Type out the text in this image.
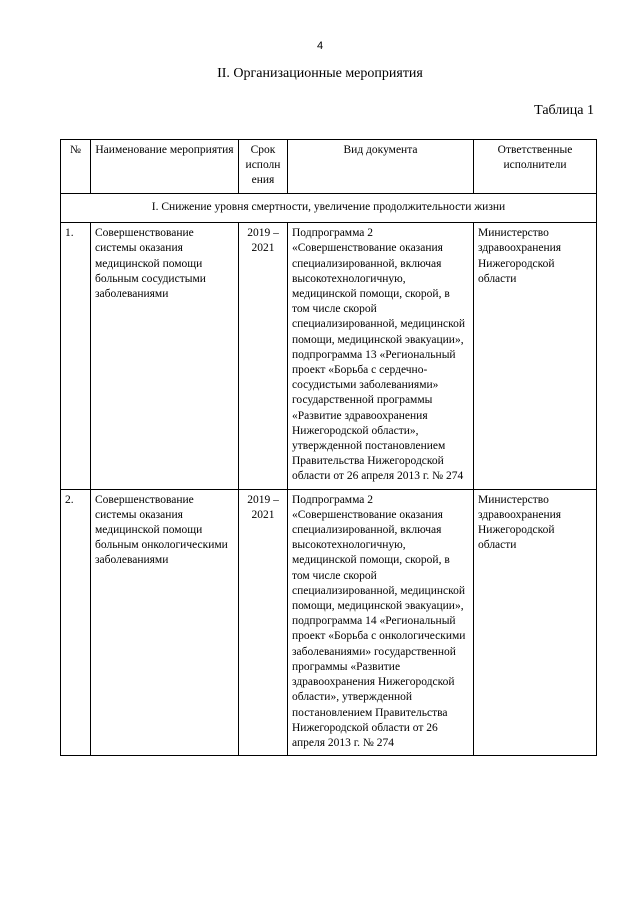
4
II. Организационные мероприятия
Таблица 1
№	Наименование мероприятия	Срок исполн ения	Вид документа	Ответственные исполнители
I. Снижение уровня смертности, увеличение продолжительности жизни				
1.	Совершенствование системы оказания медицинской помощи больным сосудистыми заболеваниями	2019 – 2021	Подпрограмма 2 «Совершенствование оказания специализированной, включая высокотехнологичную, медицинской помощи, скорой, в том числе скорой специализированной, медицинской помощи, медицинской эвакуации», подпрограмма 13 «Региональный проект «Борьба с сердечно-сосудистыми заболеваниями» государственной программы «Развитие здравоохранения Нижегородской области», утвержденной постановлением Правительства Нижегородской области от 26 апреля 2013 г. № 274	Министерство здравоохранения Нижегородской области
2.	Совершенствование системы оказания медицинской помощи больным онкологическими заболеваниями	2019 – 2021	Подпрограмма 2 «Совершенствование оказания специализированной, включая высокотехнологичную, медицинской помощи, скорой, в том числе скорой специализированной, медицинской помощи, медицинской эвакуации», подпрограмма 14 «Региональный проект «Борьба с онкологическими заболеваниями» государственной программы «Развитие здравоохранения Нижегородской области», утвержденной постановлением Правительства Нижегородской области от 26 апреля 2013 г. № 274	Министерство здравоохранения Нижегородской области
